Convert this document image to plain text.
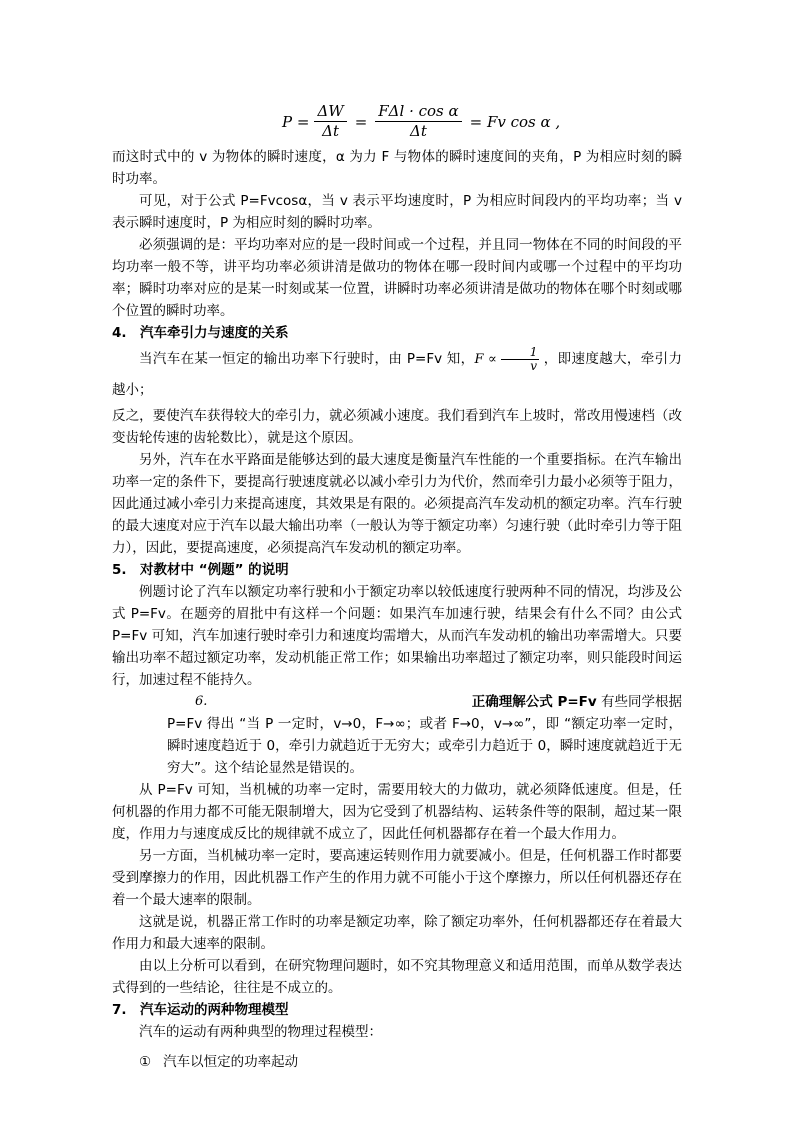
$P = \frac{\Delta W}{\Delta t} = \frac{\text{FΔl · cos α}}{\Delta t} = Fv$ cos α ,

而这时式中的 v 为物体的瞬时速度，α 为力 F 与物体的瞬时速度间的夹角，P 为相应时刻的瞬时功率。

可见，对于公式 P=Fvcosα，当 v 表示平均速度时，P 为相应时间段内的平均功率；当 v 表示瞬时速度时，P 为相应时刻的瞬时功率。

必须强调的是：平均功率对应的是一段时间或一个过程，并且同一物体在不同的时间段的平均功率一般不等，讲平均功率必须讲清是做功的物体在哪一段时间内或哪一个过程中的平均功率；瞬时功率对应的是某一时刻或某一位置，讲瞬时功率必须讲清是做功的物体在哪个时刻或哪个位置的瞬时功率。

4.　汽车牵引力与速度的关系

当汽车在某一恒定的输出功率下行驶时，由 P=Fv 知，$F \propto \frac{1}{v}$ ，即速度越大，牵引力越小；

反之，要使汽车获得较大的牵引力，就必须减小速度。我们看到汽车上坡时，常改用慢速档（改变齿轮传速的齿轮数比），就是这个原因。

另外，汽车在水平路面是能够达到的最大速度是衡量汽车性能的一个重要指标。在汽车输出功率一定的条件下，要提高行驶速度就必以减小牵引力为代价，然而牵引力最小必须等于阻力，因此通过减小牵引力来提高速度，其效果是有限的。必须提高汽车发动机的额定功率。汽车行驶的最大速度对应于汽车以最大输出功率（一般认为等于额定功率）匀速行驶（此时牵引力等于阻力），因此，要提高速度，必须提高汽车发动机的额定功率。

5.　对教材中 “例题” 的说明

例题讨论了汽车以额定功率行驶和小于额定功率以较低速度行驶两种不同的情况，均涉及公式 P=Fv。在题旁的眉批中有这样一个问题：如果汽车加速行驶，结果会有什么不同？由公式 P=Fv 可知，汽车加速行驶时牵引力和速度均需增大，从而汽车发动机的输出功率需增大。只要输出功率不超过额定功率，发动机能正常工作；如果输出功率超过了额定功率，则只能段时间运行，加速过程不能持久。

6.	正确理解公式 P=Fv 有些同学根据

P=Fv 得出 “当 P 一定时，v→0，F→∞；或者 F→0，v→∞”，即 “额定功率一定时，瞬时速度趋近于 0，牵引力就趋近于无穷大；或牵引力趋近于 0，瞬时速度就趋近于无穷大”。这个结论显然是错误的。

从 P=Fv 可知，当机械的功率一定时，需要用较大的力做功，就必须降低速度。但是，任何机器的作用力都不可能无限制增大，因为它受到了机器结构、运转条件等的限制，超过某一限度，作用力与速度成反比的规律就不成立了，因此任何机器都存在着一个最大作用力。

另一方面，当机械功率一定时，要高速运转则作用力就要减小。但是，任何机器工作时都要受到摩擦力的作用，因此机器工作产生的作用力就不可能小于这个摩擦力，所以任何机器还存在着一个最大速率的限制。

这就是说，机器正常工作时的功率是额定功率，除了额定功率外，任何机器都还存在着最大作用力和最大速率的限制。

由以上分析可以看到，在研究物理问题时，如不究其物理意义和适用范围，而单从数学表达式得到的一些结论，往往是不成立的。

7.　汽车运动的两种物理模型

汽车的运动有两种典型的物理过程模型：

① 汽车以恒定的功率起动
